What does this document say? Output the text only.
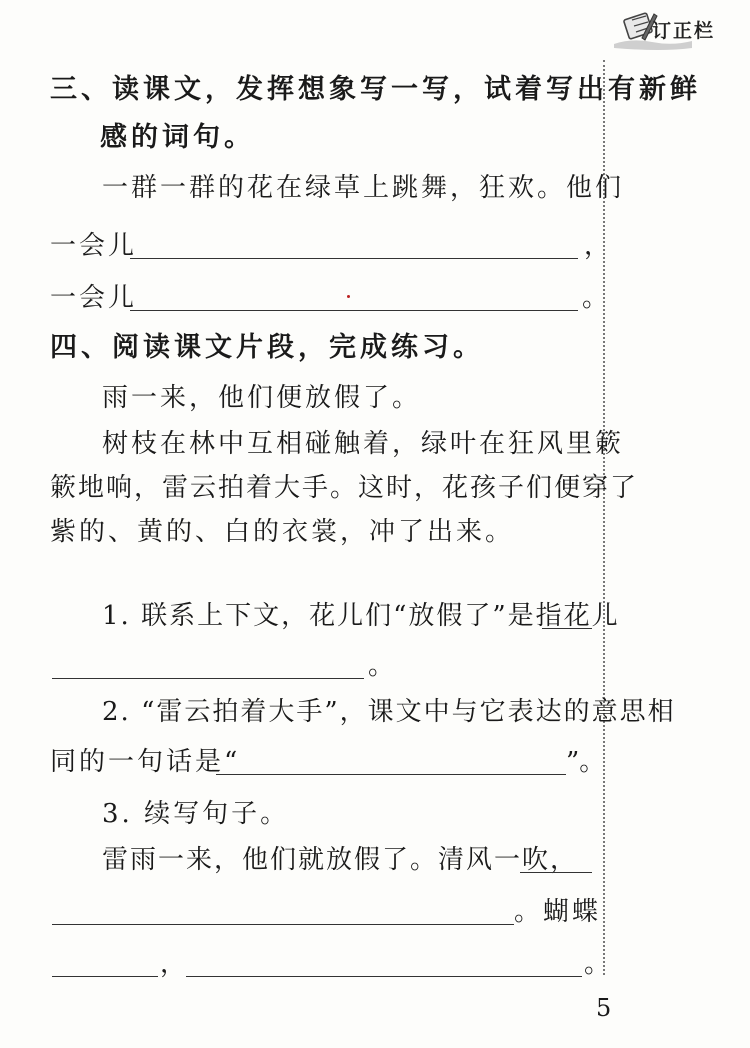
订正栏
三、读课文，发挥想象写一写，试着写出有新鲜
感的词句。
一群一群的花在绿草上跳舞，狂欢。他们
一会儿	，
一会儿	。
四、阅读课文片段，完成练习。
雨一来，他们便放假了。
树枝在林中互相碰触着，绿叶在狂风里簌
簌地响，雷云拍着大手。这时，花孩子们便穿了
紫的、黄的、白的衣裳，冲了出来。
1. 联系上下文，花儿们“放假了”是指花儿
。
2. “雷云拍着大手”，课文中与它表达的意思相
同的一句话是“	”。
3. 续写句子。
雷雨一来，他们就放假了。清风一吹，
。蝴蝶
，	。
5
